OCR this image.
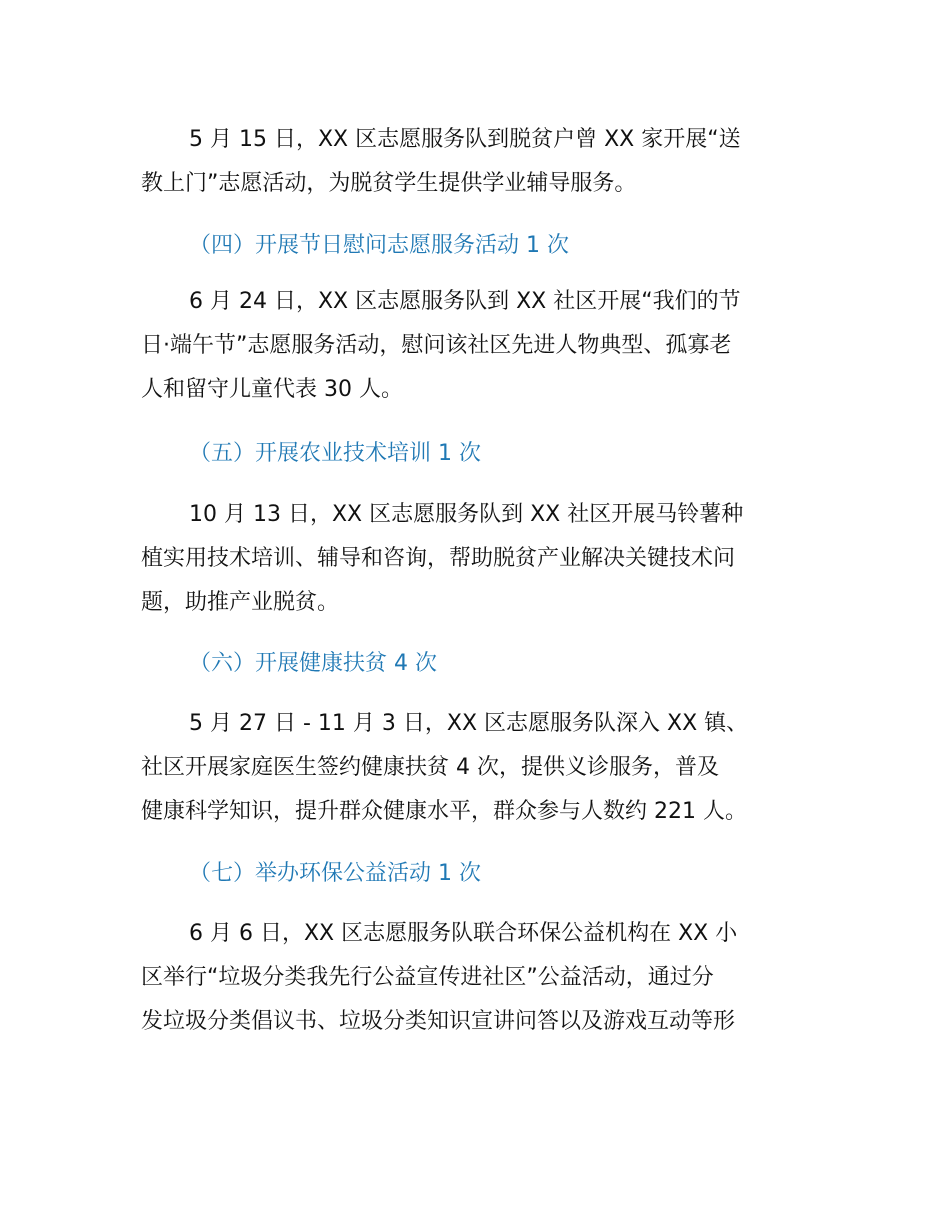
5 月 15 日，XX 区志愿服务队到脱贫户曾 XX 家开展“送
教上门”志愿活动，为脱贫学生提供学业辅导服务。

（四）开展节日慰问志愿服务活动 1 次

6 月 24 日，XX 区志愿服务队到 XX 社区开展“我们的节
日·端午节”志愿服务活动，慰问该社区先进人物典型、孤寡老
人和留守儿童代表 30 人。

（五）开展农业技术培训 1 次

10 月 13 日，XX 区志愿服务队到 XX 社区开展马铃薯种
植实用技术培训、辅导和咨询，帮助脱贫产业解决关键技术问
题，助推产业脱贫。

（六）开展健康扶贫 4 次

5 月 27 日 - 11 月 3 日，XX 区志愿服务队深入 XX 镇、
社区开展家庭医生签约健康扶贫 4 次，提供义诊服务，普及
健康科学知识，提升群众健康水平，群众参与人数约 221 人。

（七）举办环保公益活动 1 次

6 月 6 日，XX 区志愿服务队联合环保公益机构在 XX 小
区举行“垃圾分类我先行公益宣传进社区”公益活动，通过分
发垃圾分类倡议书、垃圾分类知识宣讲问答以及游戏互动等形
